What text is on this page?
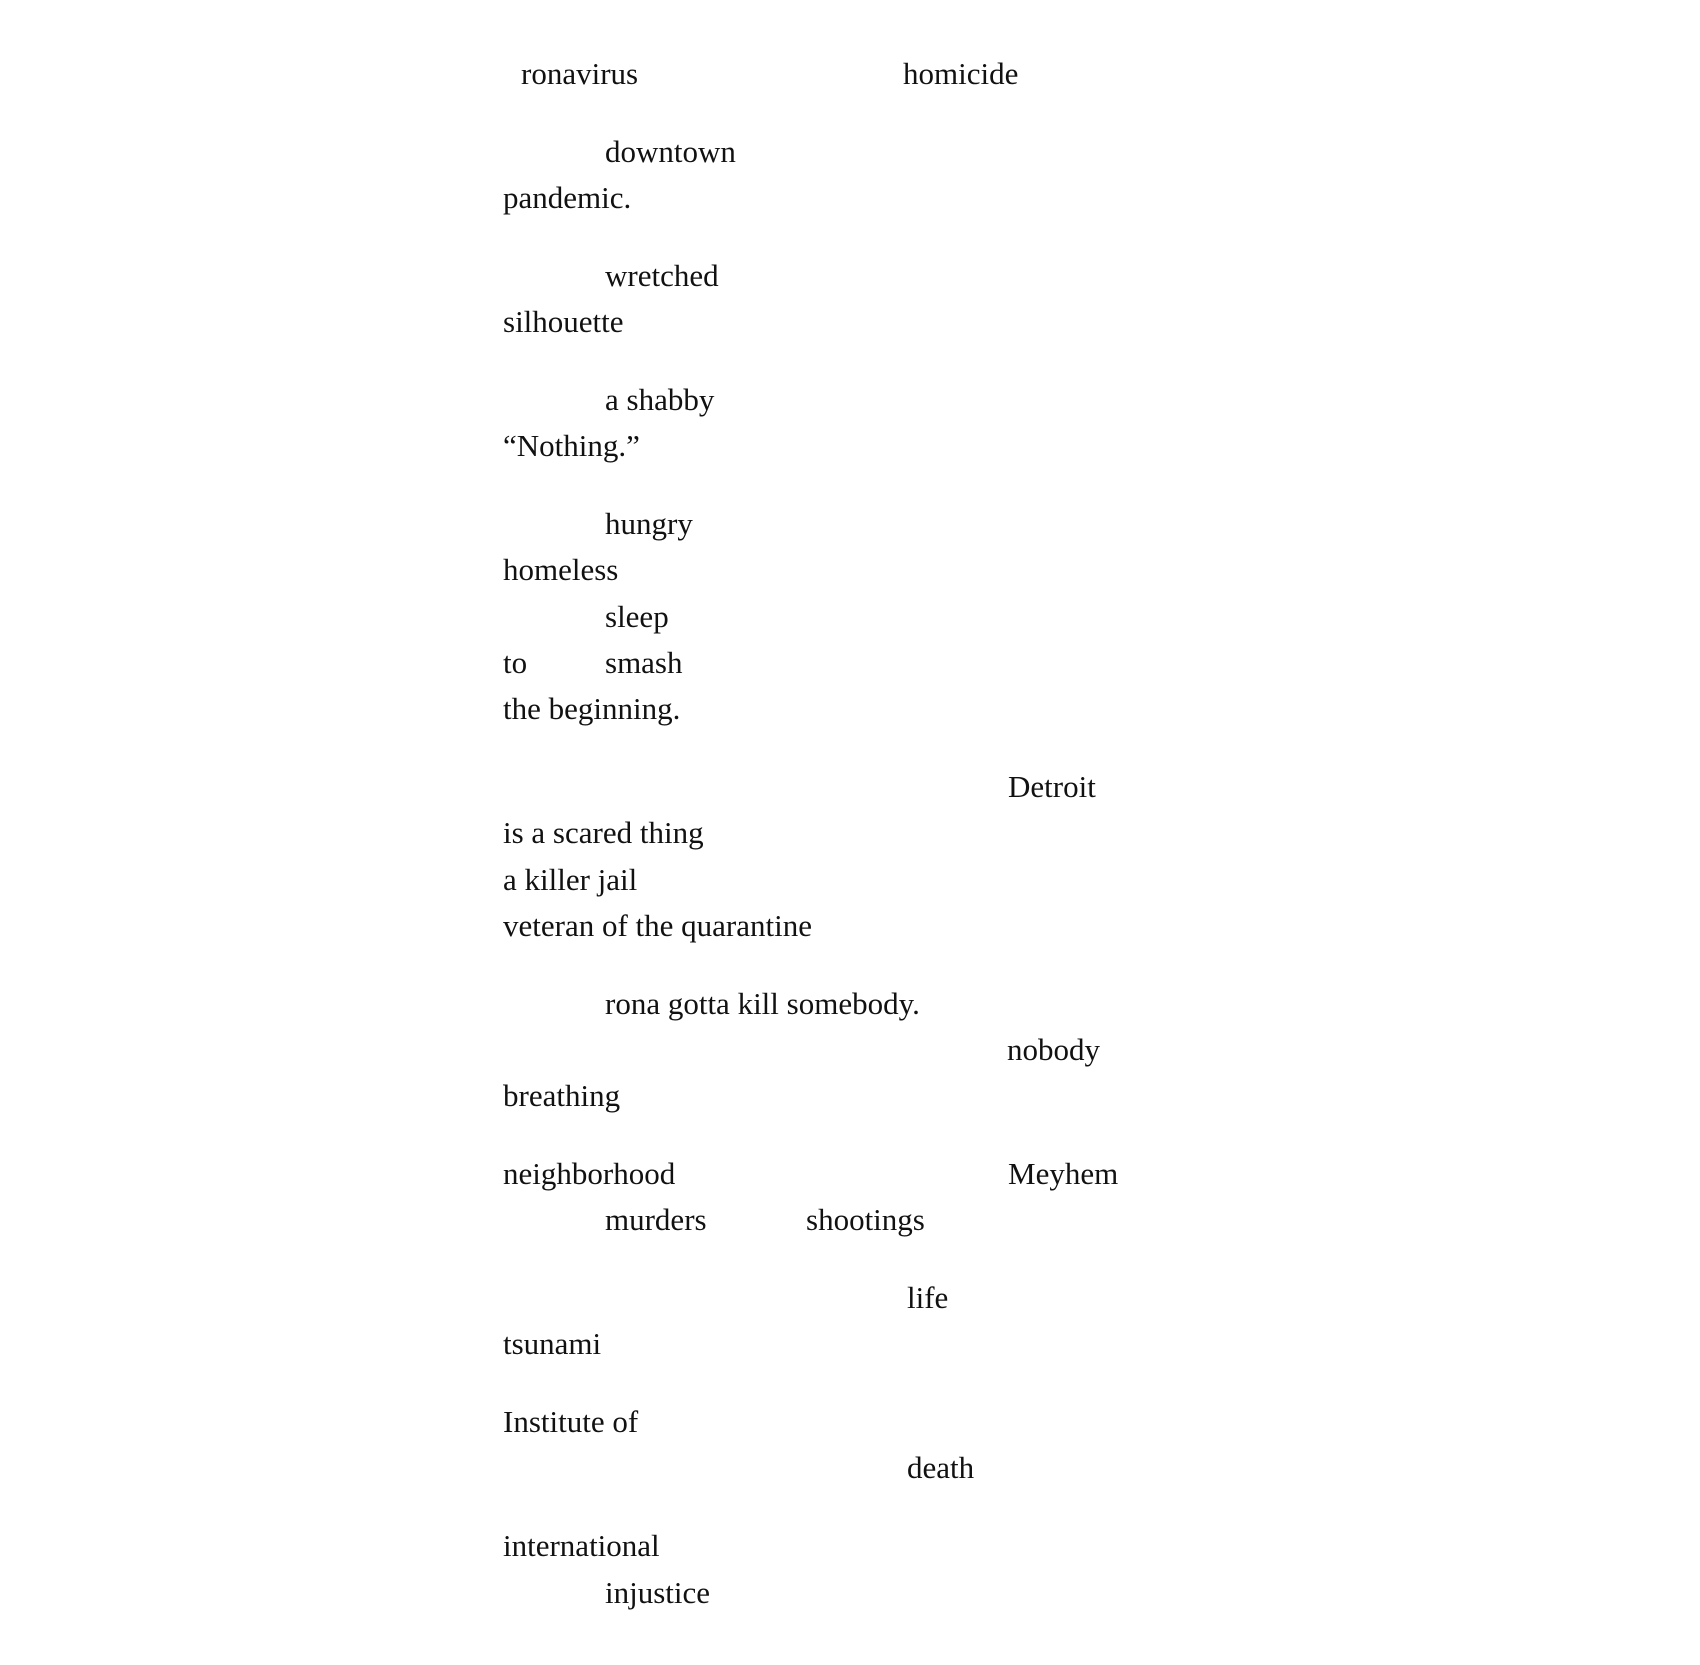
ronavirus	homicide

downtown

pandemic.

wretched

silhouette

a shabby

“Nothing.”

hungry

homeless

sleep

to	smash

the beginning.

Detroit

is a scared thing

a killer jail

veteran of the quarantine

rona gotta kill somebody.

nobody

breathing

neighborhood	Meyhem

murders	shootings

life

tsunami

Institute of

death

international

injustice
